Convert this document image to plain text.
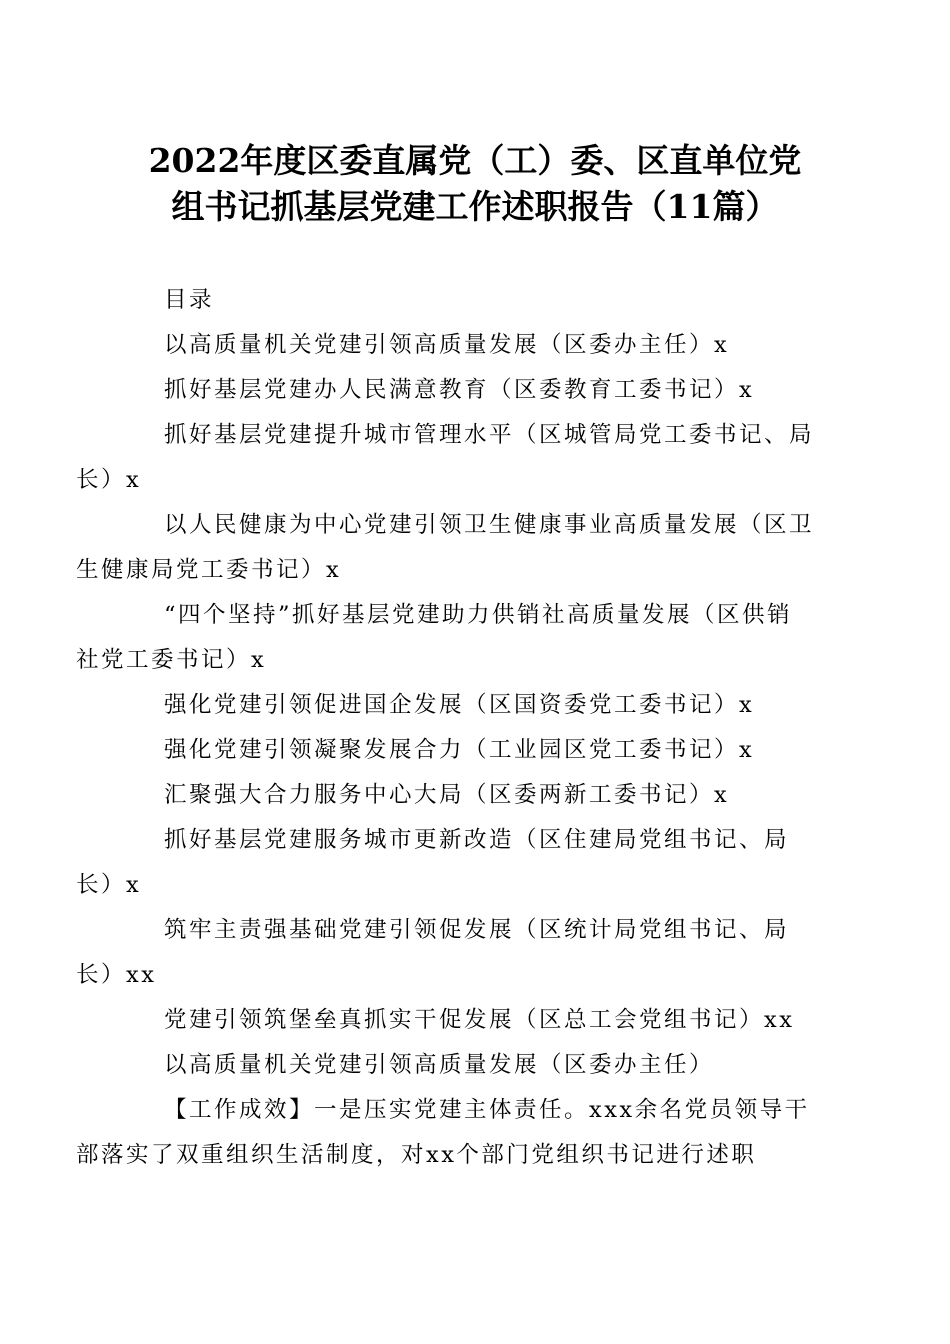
2022年度区委直属党（工）委、区直单位党
组书记抓基层党建工作述职报告（11篇）

目录

以高质量机关党建引领高质量发展（区委办主任）x

抓好基层党建办人民满意教育（区委教育工委书记）x

抓好基层党建提升城市管理水平（区城管局党工委书记、局
长）x

以人民健康为中心党建引领卫生健康事业高质量发展（区卫
生健康局党工委书记）x

“四个坚持”抓好基层党建助力供销社高质量发展（区供销
社党工委书记）x

强化党建引领促进国企发展（区国资委党工委书记）x

强化党建引领凝聚发展合力（工业园区党工委书记）x

汇聚强大合力服务中心大局（区委两新工委书记）x

抓好基层党建服务城市更新改造（区住建局党组书记、局
长）x

筑牢主责强基础党建引领促发展（区统计局党组书记、局
长）xx

党建引领筑堡垒真抓实干促发展（区总工会党组书记）xx

以高质量机关党建引领高质量发展（区委办主任）

【工作成效】一是压实党建主体责任。xxx余名党员领导干
部落实了双重组织生活制度，对xx个部门党组织书记进行述职
